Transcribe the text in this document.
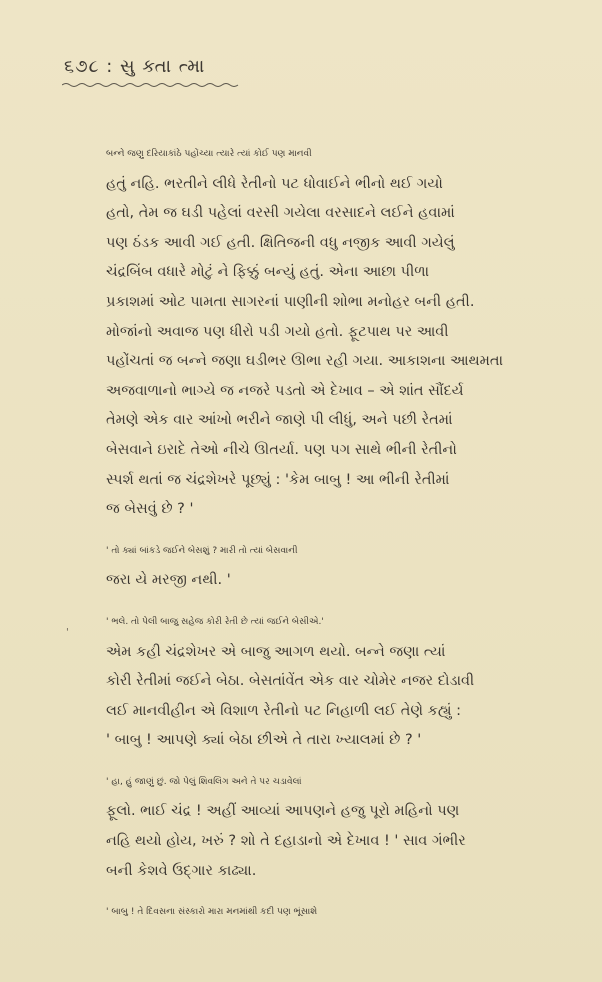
૬૭૮ : સુ ક્તા ત્મા
'

બન્ને જણુ દરિયાકાંઠે પહોંચ્યા ત્યારે ત્યાં કોઈ પણ માનવી
હતું નહિ. ભરતીને લીધે રેતીનો પટ ધોવાઈને ભીનો થઈ ગયો
હતો, તેમ જ ઘડી પહેલાં વરસી ગયેલા વરસાદને લઈને હવામાં
પણ ઠંડક આવી ગઈ હતી. ક્ષિતિજની વધુ નજીક આવી ગયેલું
ચંદ્રબિંબ વધારે મોટું ને ફિક્કું બન્યું હતું. એના આછા પીળા
પ્રકાશમાં ઓટ પામતા સાગરનાં પાણીની શોભા મનોહર બની હતી.
મોજાંનો અવાજ પણ ધીરો પડી ગયો હતો. ફૂટપાથ પર આવી
પહોંચતાં જ બન્ને જણા ઘડીભર ઊભા રહી ગયા. આકાશના આથમતા
અજવાળાનો ભાગ્યે જ નજરે પડતો એ દેખાવ – એ શાંત સૌંદર્ય
તેમણે એક વાર આંખો ભરીને જાણે પી લીધું, અને પછી રેતમાં
બેસવાને ઇરાદે તેઓ નીચે ઊતર્યા. પણ પગ સાથે ભીની રેતીનો
સ્પર્શ થતાં જ ચંદ્રશેખરે પૂછ્યું : 'કેમ બાબુ ! આ ભીની રેતીમાં
જ બેસવું છે ? '

' તો ક્યાં બાંકડે જઈને બેસશું ? મારી તો ત્યાં બેસવાની
જરા યે મરજી નથી. '

' ભલે. તો પેલી બાજુ સહેજ કોરી રેતી છે ત્યાં જઈને બેસીએ.'
એમ કહી ચંદ્રશેખર એ બાજુ આગળ થયો. બન્ને જણા ત્યાં
કોરી રેતીમાં જઈને બેઠા. બેસતાંવેંત એક વાર ચોમેર નજર દોડાવી
લઈ માનવીહીન એ વિશાળ રેતીનો પટ નિહાળી લઈ તેણે કહ્યું :
' બાબુ ! આપણે ક્યાં બેઠા છીએ તે તારા ખ્યાલમાં છે ? '

' હા, હું જાણું છું. જો પેલું શિવલિંગ અને તે પર ચડાવેલાં
ફૂલો. ભાઈ ચંદ્ર ! અહીં આવ્યાં આપણને હજુ પૂરો મહિનો પણ
નહિ થયો હોય, ખરું ? શો તે દહાડાનો એ દેખાવ ! ' સાવ ગંભીર
બની કેશવે ઉદ્ગાર કાઢ્યા.

' બાબુ ! તે દિવસના સંસ્કારો મારા મનમાંથી કદી પણ ભૂંસાશે
